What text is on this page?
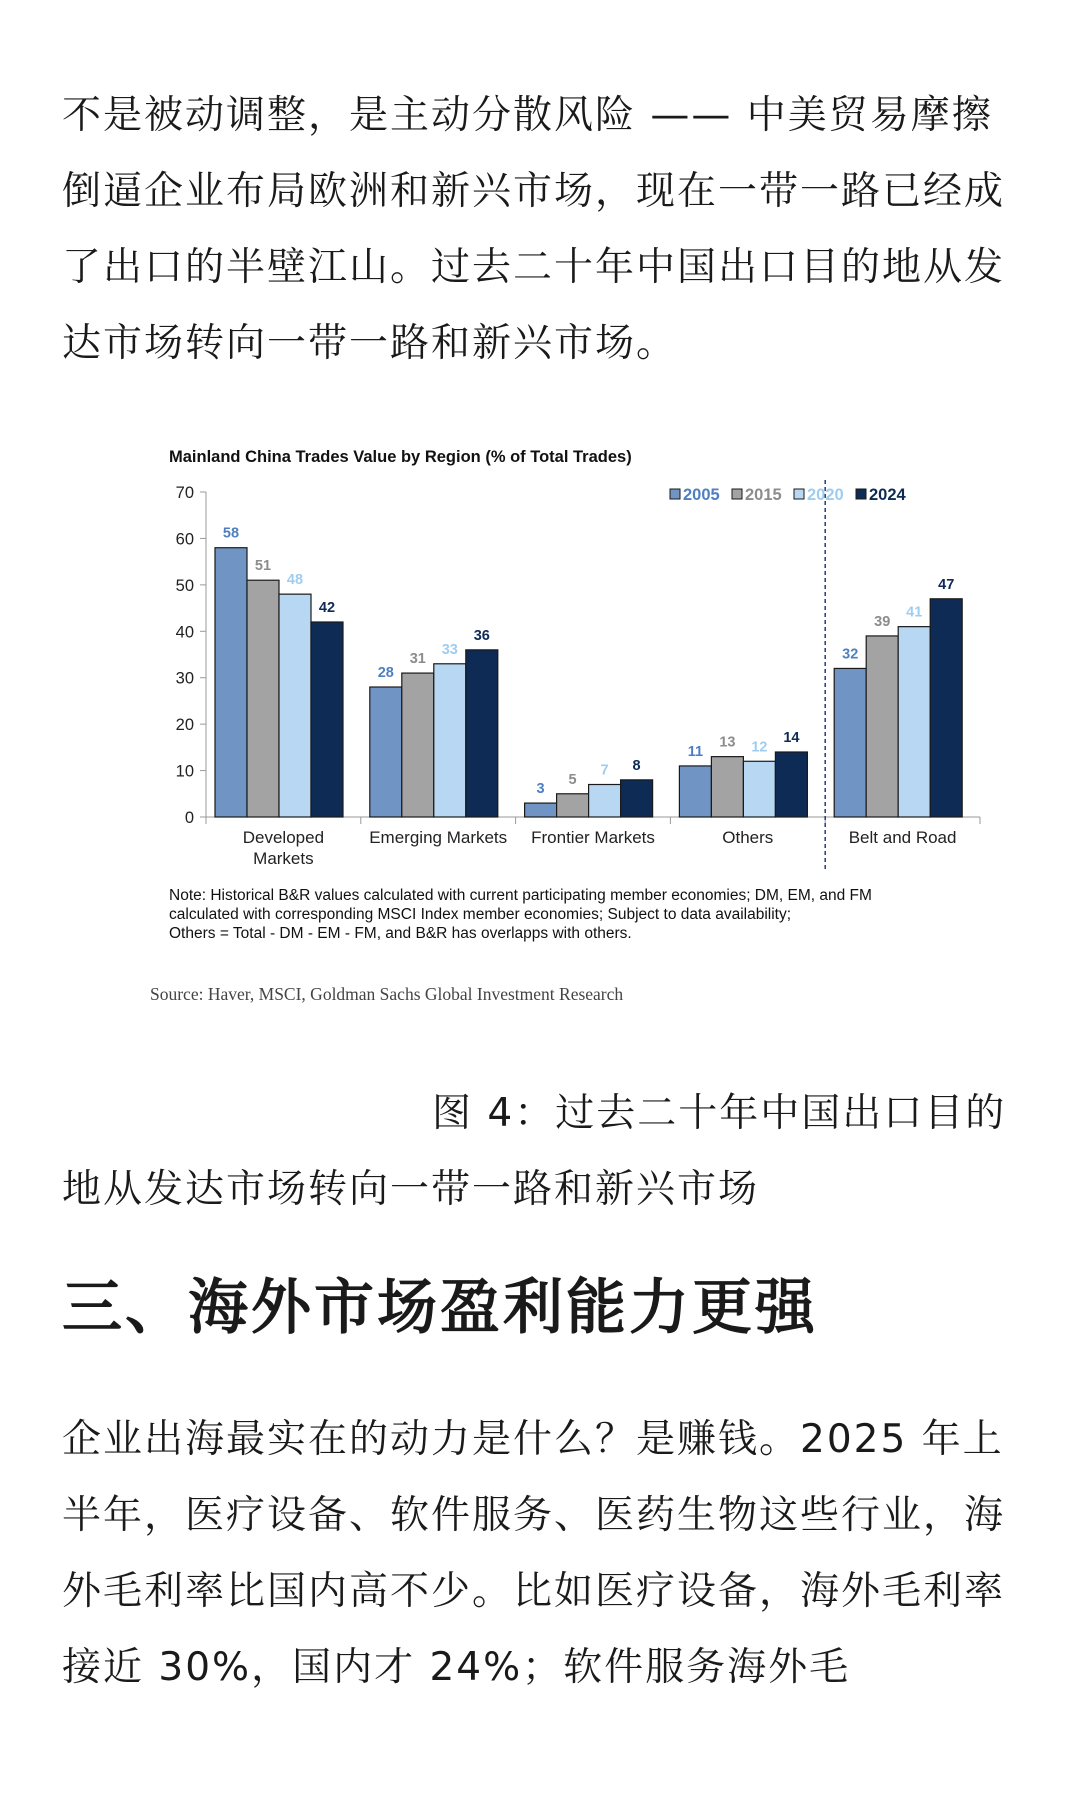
不是被动调整，是主动分散风险 —— 中美贸易摩擦倒逼企业布局欧洲和新兴市场，现在一带一路已经成了出口的半壁江山。过去二十年中国出口目的地从发达市场转向一带一路和新兴市场。

Mainland China Trades Value by Region (% of Total Trades)
0
10
20
30
40
50
60
70
58
51
48
42
Developed
Markets
28
31
33
36
Emerging Markets
3
5
7 8
Frontier Markets
11
13 12
14
Others
32
39
41
47
Belt and Road
2005 2015 2020 2024
Note: Historical B&R values calculated with current participating member economies; DM, EM, and FM
calculated with corresponding MSCI Index member economies; Subject to data availability;
Others = Total - DM - EM - FM, and B&R has overlapps with others.
Source: Haver, MSCI, Goldman Sachs Global Investment Research

图 4：过去二十年中国出口目的地从发达市场转向一带一路和新兴市场

三、海外市场盈利能力更强

企业出海最实在的动力是什么？是赚钱。2025 年上半年，医疗设备、软件服务、医药生物这些行业，海外毛利率比国内高不少。比如医疗设备，海外毛利率接近 30%，国内才 24%；软件服务海外毛
